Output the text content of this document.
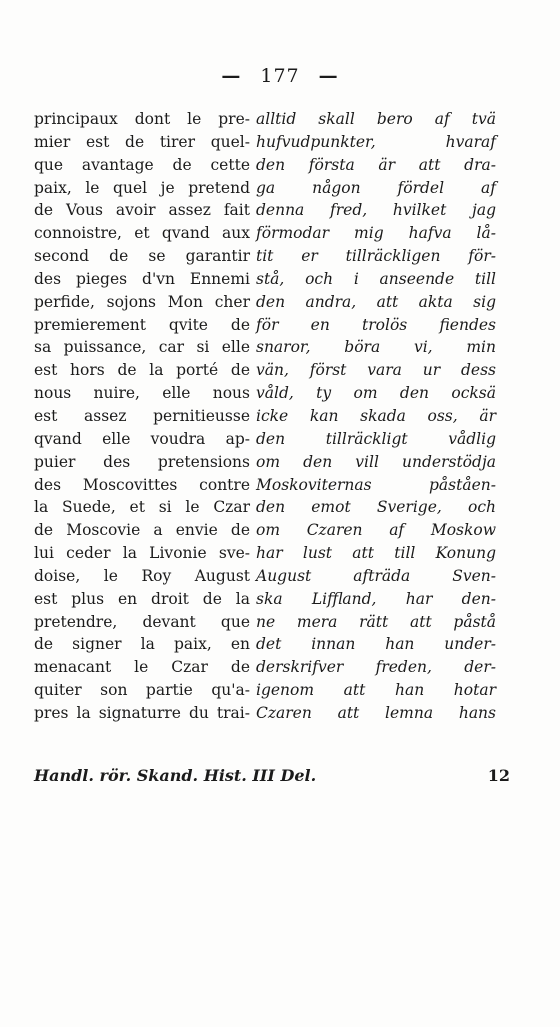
— 177 —
principaux dont le pre-
mier est de tirer quel-
que avantage de cette
paix, le quel je pretend
de Vous avoir assez fait
connoistre, et qvand aux
second de se garantir
des pieges d'vn Ennemi
perfide, sojons Mon cher
premierement qvite de
sa puissance, car si elle
est hors de la porté de
nous nuire, elle nous
est assez pernitieusse
qvand elle voudra ap-
puier des pretensions
des Moscovittes contre
la Suede, et si le Czar
de Moscovie a envie de
lui ceder la Livonie sve-
doise, le Roy August
est plus en droit de la
pretendre, devant que
de signer la paix, en
menacant le Czar de
quiter son partie qu'a-
pres la signaturre du trai-
alltid skall bero af tvä
hufvudpunkter, hvaraf
den första är att dra-
ga någon fördel af
denna fred, hvilket jag
förmodar mig hafva lå-
tit er tillräckligen för-
stå, och i anseende till
den andra, att akta sig
för en trolös fiendes
snaror, böra vi, min
vän, först vara ur dess
våld, ty om den ocksä
icke kan skada oss, är
den tillräckligt vådlig
om den vill understödja
Moskoviternas påståen-
den emot Sverige, och
om Czaren af Moskow
har lust att till Konung
August afträda Sven-
ska Liffland, har den-
ne mera rätt att påstå
det innan han under-
derskrifver freden, der-
igenom att han hotar
Czaren att lemna hans
Handl. rör. Skand. Hist. III Del.	12
